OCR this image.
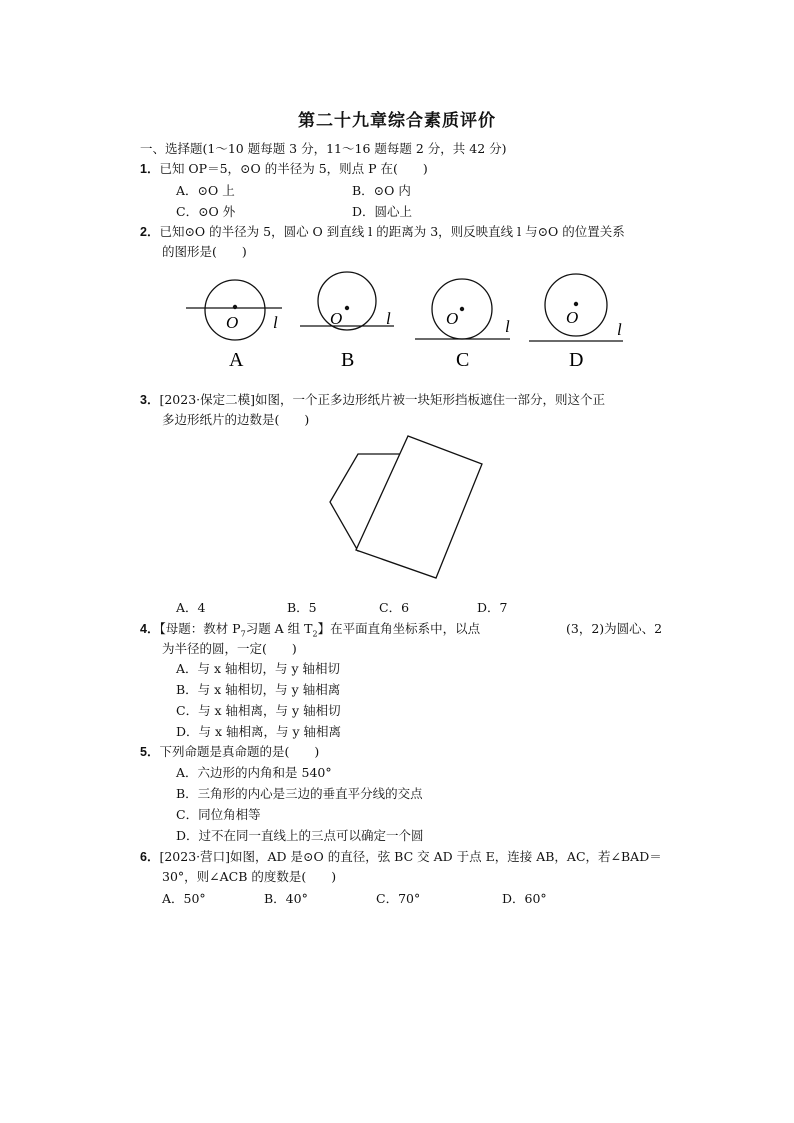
第二十九章综合素质评价
一、选择题(1～10 题每题 3 分，11～16 题每题 2 分，共 42 分)
1．已知 OP＝5，⊙O 的半径为 5，则点 P 在(　　)
A．⊙O 上	B．⊙O 内
C．⊙O 外	D．圆心上
2．已知⊙O 的半径为 5，圆心 O 到直线 l 的距离为 3，则反映直线 l 与⊙O 的位置关系
的图形是(　　)
O l
A
O	l
B
O	l
C
O
l
D
3．[2023·保定二模]如图，一个正多边形纸片被一块矩形挡板遮住一部分，则这个正
多边形纸片的边数是(　　)
A．4	B．5	C．6	D．7
4．【母题：教材 $P_7$习题 A 组 $T_2$】在平面直角坐标系中，以点	(3，2)为圆心、2
为半径的圆，一定(　　)
A．与 x 轴相切，与 y 轴相切
B．与 x 轴相切，与 y 轴相离
C．与 x 轴相离，与 y 轴相切
D．与 x 轴相离，与 y 轴相离
5．下列命题是真命题的是(　　)
A．六边形的内角和是 540°
B．三角形的内心是三边的垂直平分线的交点
C．同位角相等
D．过不在同一直线上的三点可以确定一个圆
6．[2023·营口]如图，AD 是⊙O 的直径，弦 BC 交 AD 于点 E，连接 AB，AC，若∠BAD＝
30°，则∠ACB 的度数是(　　)
A．50°	B．40°	C．70°	D．60°
